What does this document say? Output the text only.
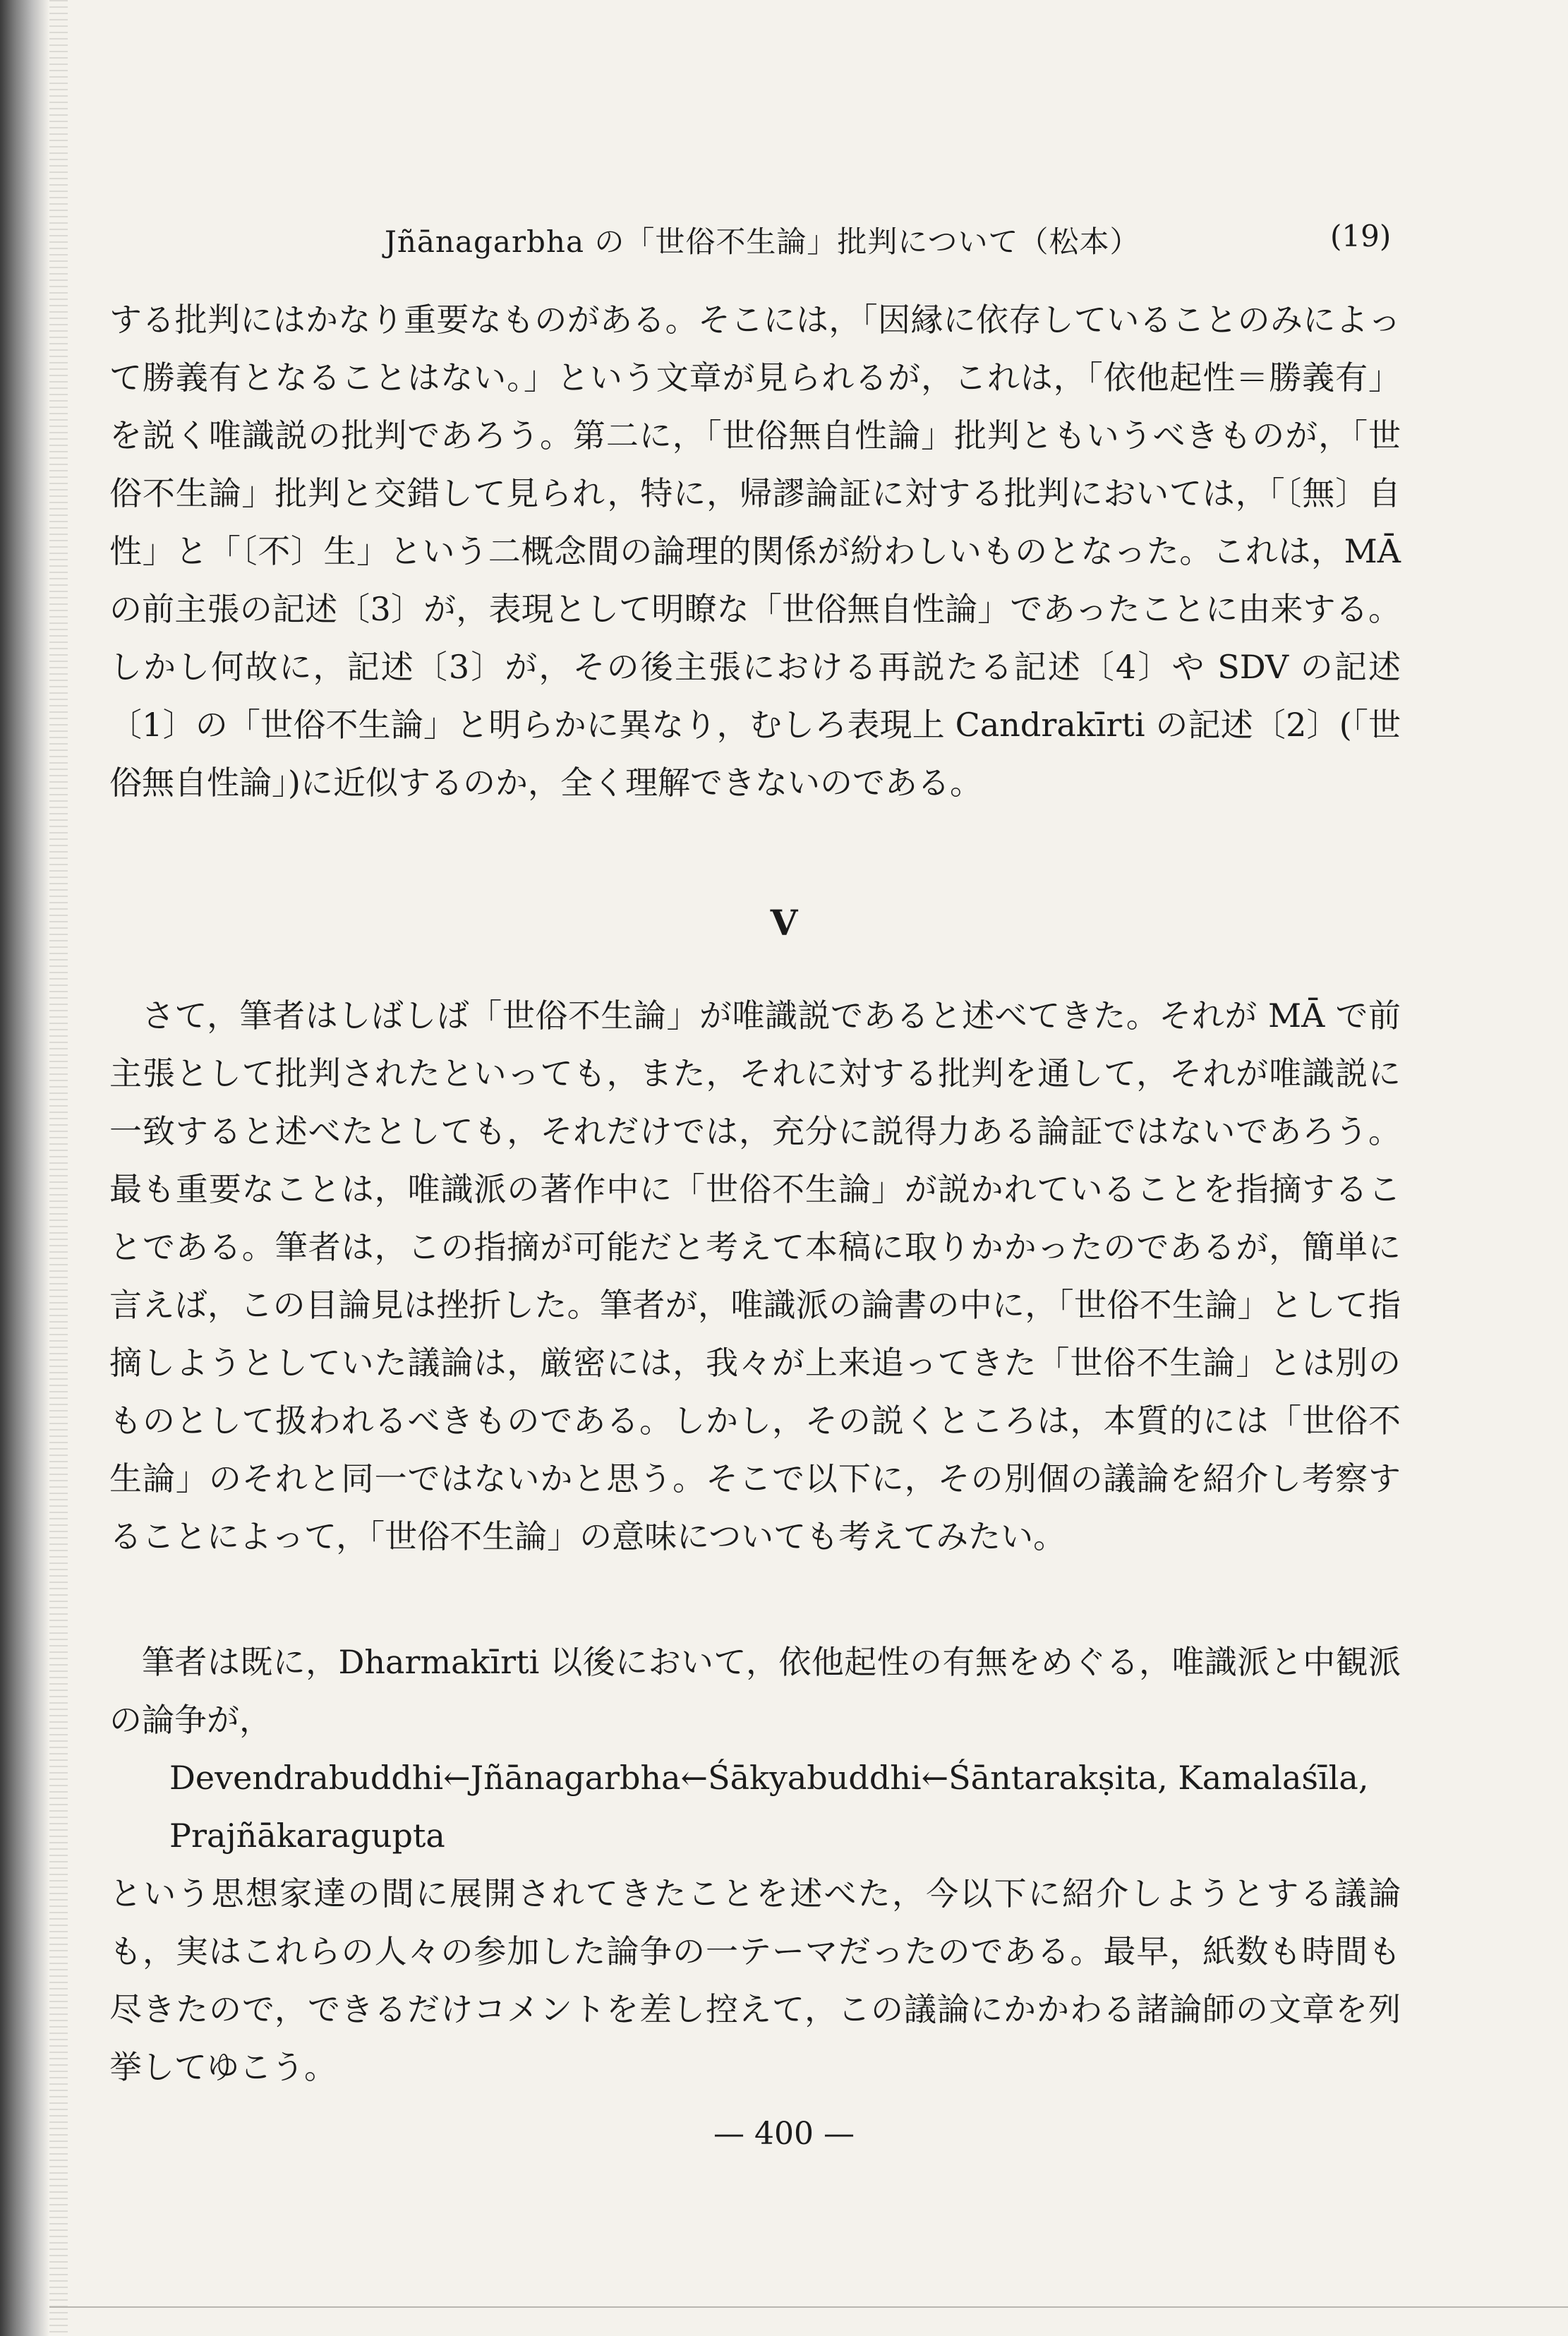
Jñānagarbha の「世俗不生論」批判について（松本）	(19)

する批判にはかなり重要なものがある。そこには，「因縁に依存していることのみによって勝義有となることはない。」という文章が見られるが，これは，「依他起性＝勝義有」を説く唯識説の批判であろう。第二に，「世俗無自性論」批判ともいうべきものが，「世俗不生論」批判と交錯して見られ，特に，帰謬論証に対する批判においては，「〔無〕自性」と「〔不〕生」という二概念間の論理的関係が紛わしいものとなった。これは，MĀ の前主張の記述〔3〕が，表現として明瞭な「世俗無自性論」であったことに由来する。しかし何故に，記述〔3〕が，その後主張における再説たる記述〔4〕や SDV の記述〔1〕の「世俗不生論」と明らかに異なり，むしろ表現上 Candrakīrti の記述〔2〕(「世俗無自性論」)に近似するのか，全く理解できないのである。

V

さて，筆者はしばしば「世俗不生論」が唯識説であると述べてきた。それが MĀ で前主張として批判されたといっても，また，それに対する批判を通して，それが唯識説に一致すると述べたとしても，それだけでは，充分に説得力ある論証ではないであろう。最も重要なことは，唯識派の著作中に「世俗不生論」が説かれていることを指摘することである。筆者は，この指摘が可能だと考えて本稿に取りかかったのであるが，簡単に言えば，この目論見は挫折した。筆者が，唯識派の論書の中に，「世俗不生論」として指摘しようとしていた議論は，厳密には，我々が上来追ってきた「世俗不生論」とは別のものとして扱われるべきものである。しかし，その説くところは，本質的には「世俗不生論」のそれと同一ではないかと思う。そこで以下に，その別個の議論を紹介し考察することによって，「世俗不生論」の意味についても考えてみたい。

筆者は既に，Dharmakīrti 以後において，依他起性の有無をめぐる，唯識派と中観派の論争が，

Devendrabuddhi←Jñānagarbha←Śākyabuddhi←Śāntarakṣita, Kamalaśīla, Prajñākaragupta

という思想家達の間に展開されてきたことを述べた，今以下に紹介しようとする議論も，実はこれらの人々の参加した論争の一テーマだったのである。最早，紙数も時間も尽きたので，できるだけコメントを差し控えて，この議論にかかわる諸論師の文章を列挙してゆこう。

— 400 —
